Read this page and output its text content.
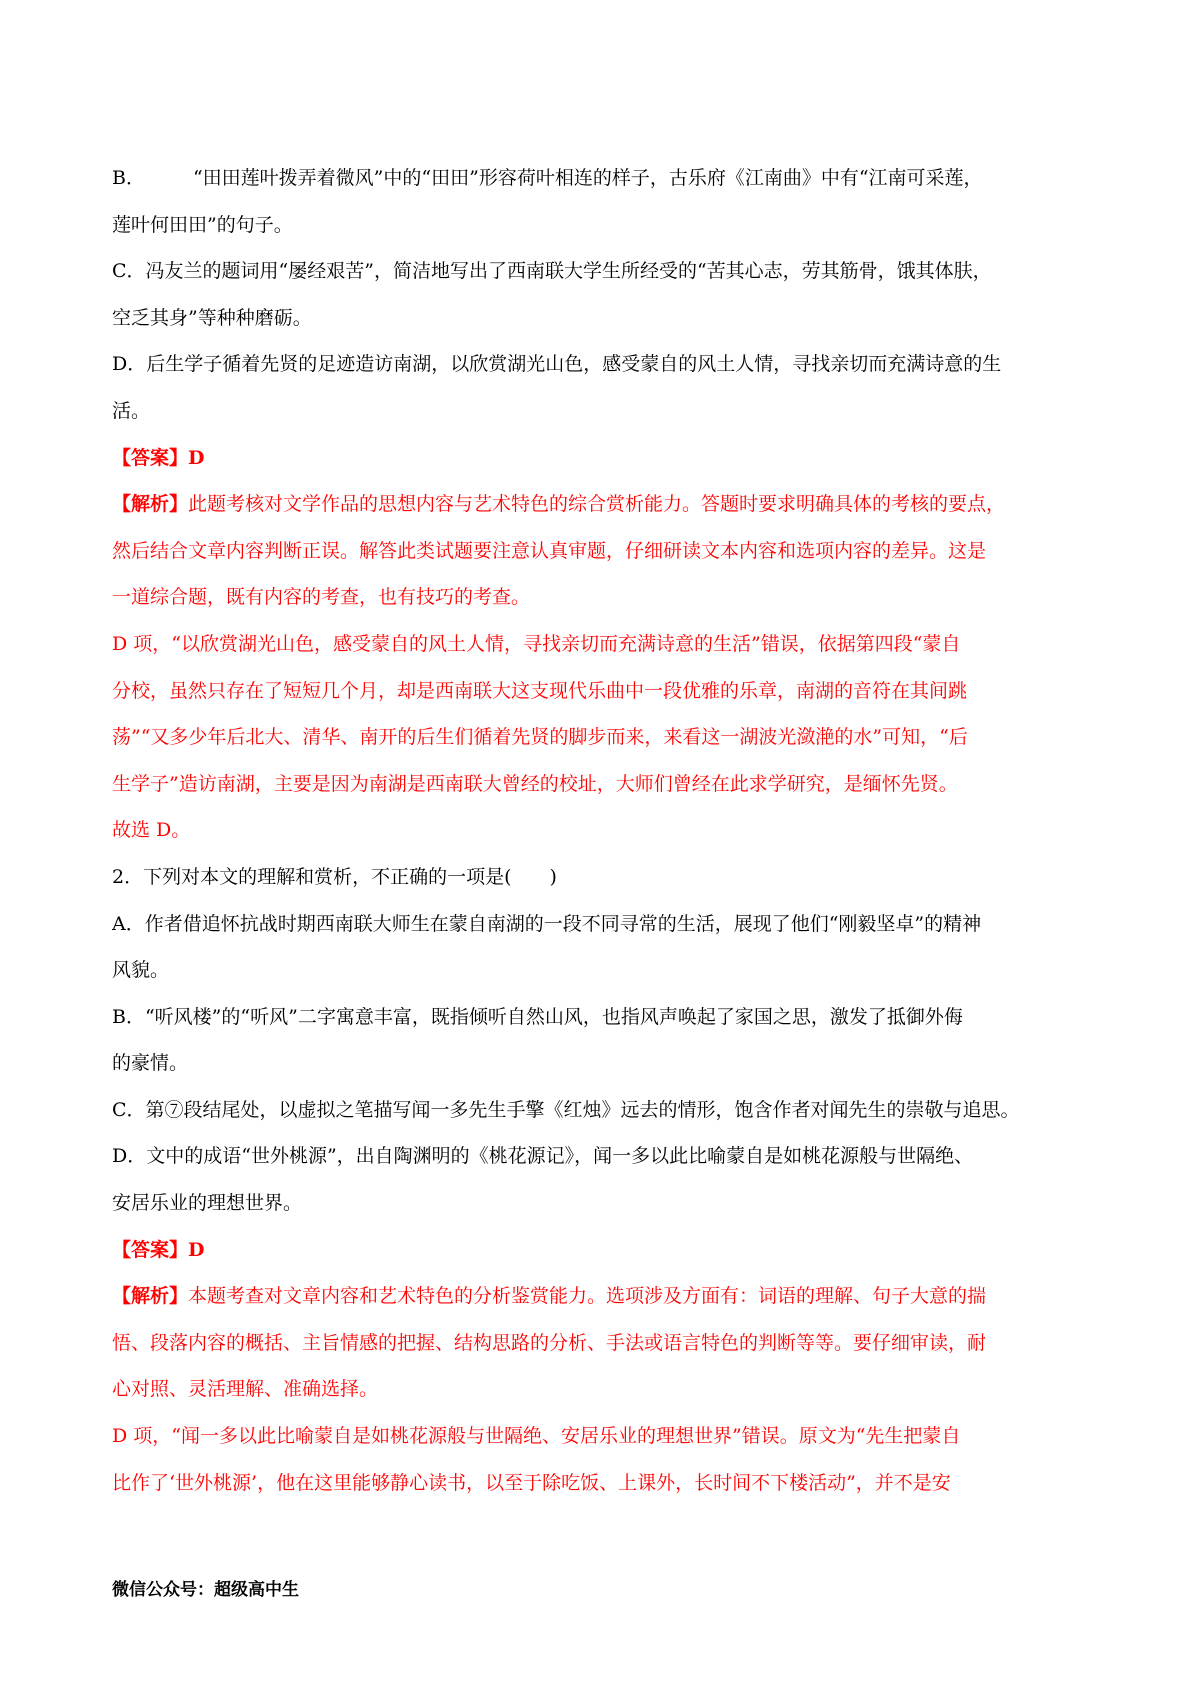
B．	“田田莲叶拨弄着微风”中的“田田”形容荷叶相连的样子，古乐府《江南曲》中有“江南可采莲，
莲叶何田田”的句子。
C．冯友兰的题词用“屡经艰苦”，简洁地写出了西南联大学生所经受的“苦其心志，劳其筋骨，饿其体肤，
空乏其身”等种种磨砺。
D．后生学子循着先贤的足迹造访南湖，以欣赏湖光山色，感受蒙自的风土人情，寻找亲切而充满诗意的生
活。
【答案】D
【解析】此题考核对文学作品的思想内容与艺术特色的综合赏析能力。答题时要求明确具体的考核的要点，
然后结合文章内容判断正误。解答此类试题要注意认真审题，仔细研读文本内容和选项内容的差异。这是
一道综合题，既有内容的考查，也有技巧的考查。
D 项，“以欣赏湖光山色，感受蒙自的风土人情，寻找亲切而充满诗意的生活”错误，依据第四段“蒙自
分校，虽然只存在了短短几个月，却是西南联大这支现代乐曲中一段优雅的乐章，南湖的音符在其间跳
荡”“又多少年后北大、清华、南开的后生们循着先贤的脚步而来，来看这一湖波光潋滟的水”可知，“后
生学子”造访南湖，主要是因为南湖是西南联大曾经的校址，大师们曾经在此求学研究，是缅怀先贤。
故选 D。
2．下列对本文的理解和赏析，不正确的一项是(　　)
A．作者借追怀抗战时期西南联大师生在蒙自南湖的一段不同寻常的生活，展现了他们“刚毅坚卓”的精神
风貌。
B．“听风楼”的“听风”二字寓意丰富，既指倾听自然山风，也指风声唤起了家国之思，激发了抵御外侮
的豪情。
C．第⑦段结尾处，以虚拟之笔描写闻一多先生手擎《红烛》远去的情形，饱含作者对闻先生的崇敬与追思。
D．文中的成语“世外桃源”，出自陶渊明的《桃花源记》，闻一多以此比喻蒙自是如桃花源般与世隔绝、
安居乐业的理想世界。
【答案】D
【解析】本题考查对文章内容和艺术特色的分析鉴赏能力。选项涉及方面有：词语的理解、句子大意的揣
悟、段落内容的概括、主旨情感的把握、结构思路的分析、手法或语言特色的判断等等。要仔细审读，耐
心对照、灵活理解、准确选择。
D 项，“闻一多以此比喻蒙自是如桃花源般与世隔绝、安居乐业的理想世界”错误。原文为“先生把蒙自
比作了‘世外桃源’，他在这里能够静心读书，以至于除吃饭、上课外，长时间不下楼活动”，并不是安
微信公众号：超级高中生
